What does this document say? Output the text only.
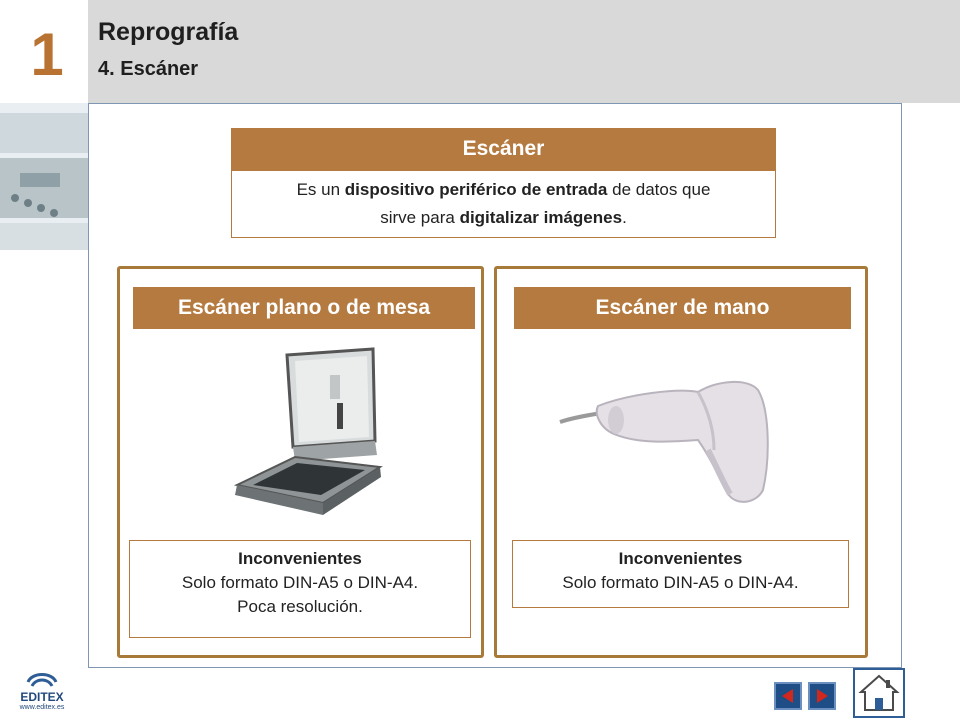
1	Reprografía
4. Escáner
Escáner
Es un dispositivo periférico de entrada de datos que
sirve para digitalizar imágenes.
Escáner plano o de mesa
Inconvenientes
Solo formato DIN-A5 o DIN-A4.
Poca resolución.
Escáner de mano
Inconvenientes
Solo formato DIN-A5 o DIN-A4.
EDITEX
www.editex.es
